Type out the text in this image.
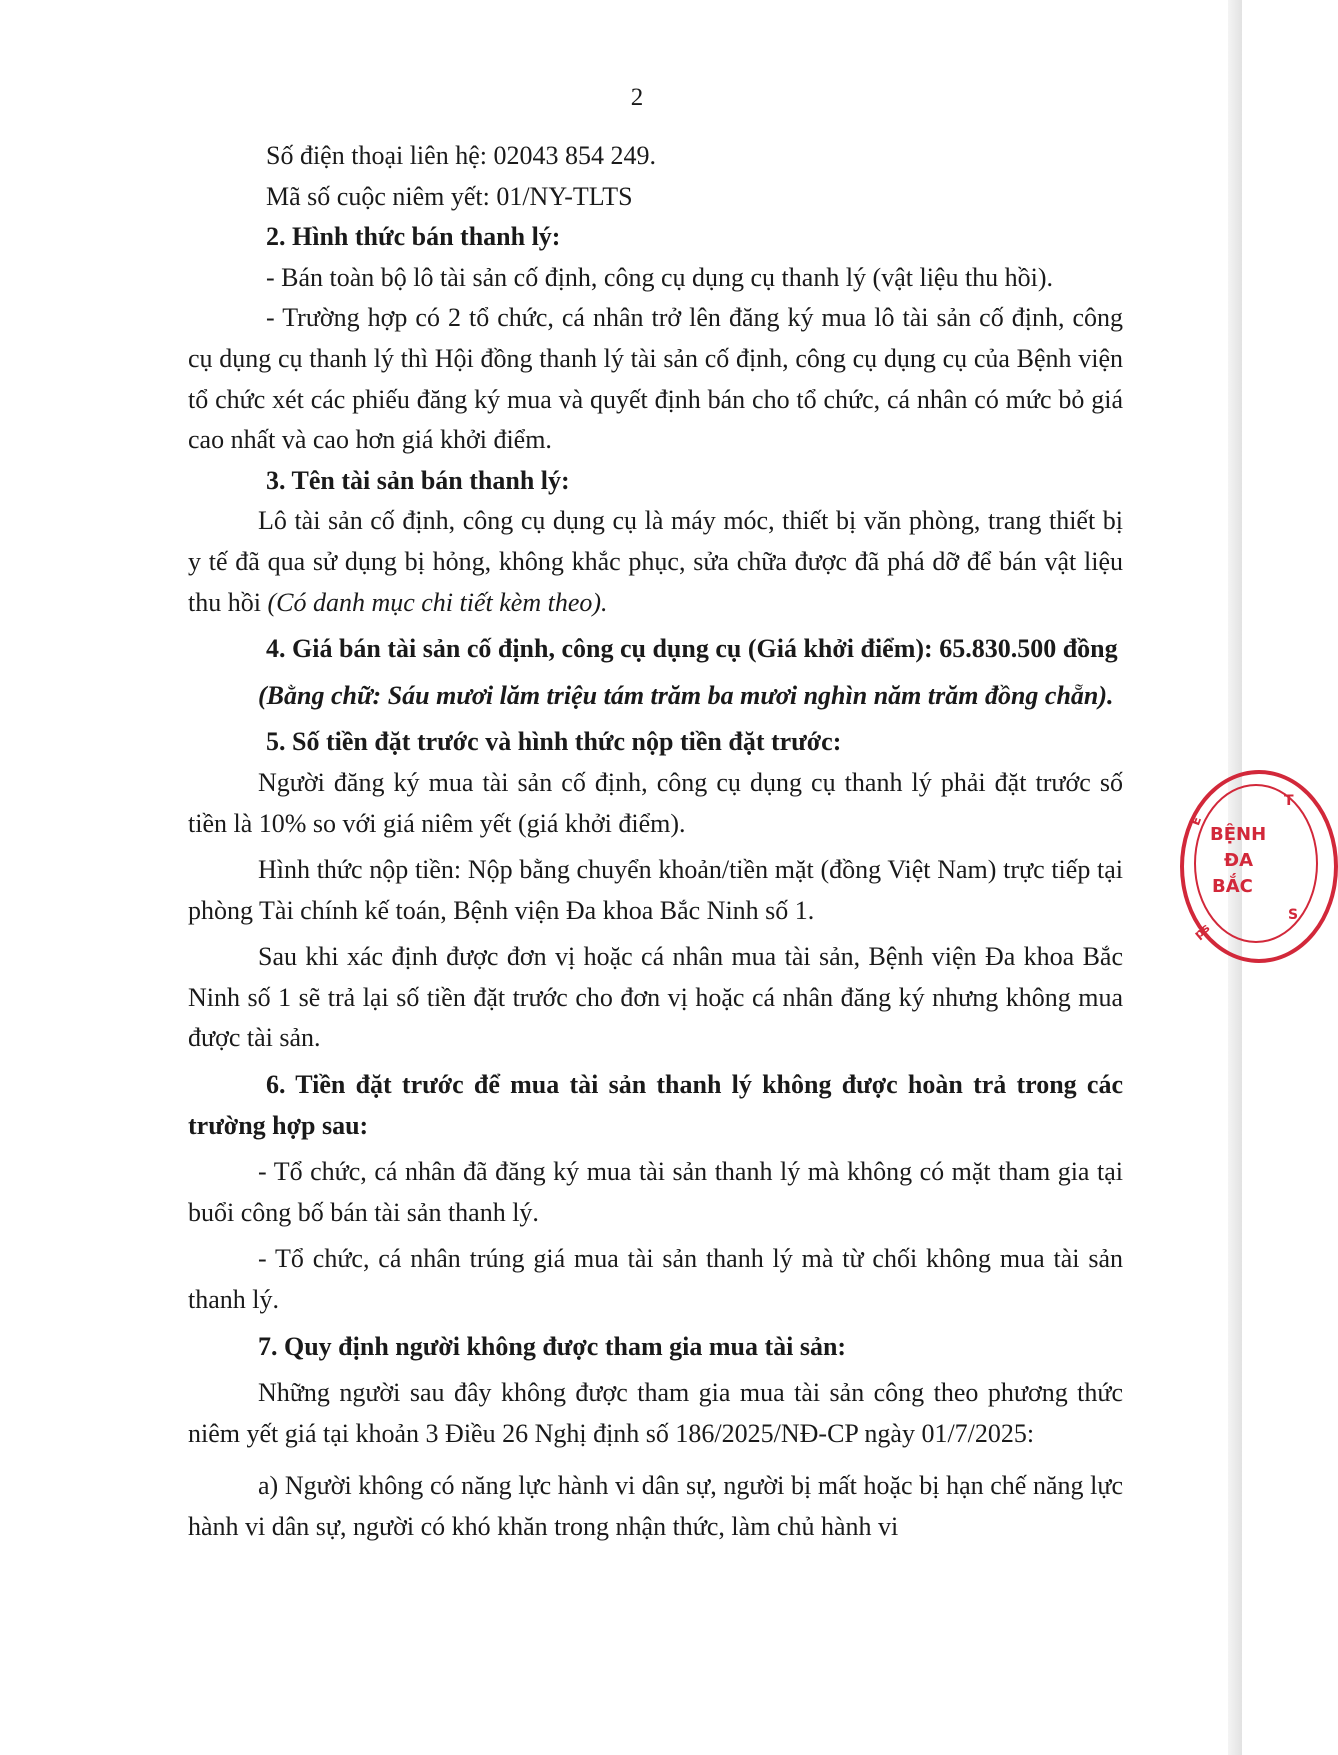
2

Số điện thoại liên hệ: 02043 854 249.

Mã số cuộc niêm yết: 01/NY-TLTS

2. Hình thức bán thanh lý:

- Bán toàn bộ lô tài sản cố định, công cụ dụng cụ thanh lý (vật liệu thu hồi).

- Trường hợp có 2 tổ chức, cá nhân trở lên đăng ký mua lô tài sản cố định, công cụ dụng cụ thanh lý thì Hội đồng thanh lý tài sản cố định, công cụ dụng cụ của Bệnh viện tổ chức xét các phiếu đăng ký mua và quyết định bán cho tổ chức, cá nhân có mức bỏ giá cao nhất và cao hơn giá khởi điểm.

3. Tên tài sản bán thanh lý:

Lô tài sản cố định, công cụ dụng cụ là máy móc, thiết bị văn phòng, trang thiết bị y tế đã qua sử dụng bị hỏng, không khắc phục, sửa chữa được đã phá dỡ để bán vật liệu thu hồi (Có danh mục chi tiết kèm theo).

4. Giá bán tài sản cố định, công cụ dụng cụ (Giá khởi điểm): 65.830.500 đồng

(Bằng chữ: Sáu mươi lăm triệu tám trăm ba mươi nghìn năm trăm đồng chẵn).

5. Số tiền đặt trước và hình thức nộp tiền đặt trước:

Người đăng ký mua tài sản cố định, công cụ dụng cụ thanh lý phải đặt trước số tiền là 10% so với giá niêm yết (giá khởi điểm).

Hình thức nộp tiền: Nộp bằng chuyển khoản/tiền mặt (đồng Việt Nam) trực tiếp tại phòng Tài chính kế toán, Bệnh viện Đa khoa Bắc Ninh số 1.

Sau khi xác định được đơn vị hoặc cá nhân mua tài sản, Bệnh viện Đa khoa Bắc Ninh số 1 sẽ trả lại số tiền đặt trước cho đơn vị hoặc cá nhân đăng ký nhưng không mua được tài sản.

6. Tiền đặt trước để mua tài sản thanh lý không được hoàn trả trong các trường hợp sau:

- Tổ chức, cá nhân đã đăng ký mua tài sản thanh lý mà không có mặt tham gia tại buổi công bố bán tài sản thanh lý.

- Tổ chức, cá nhân trúng giá mua tài sản thanh lý mà từ chối không mua tài sản thanh lý.

7. Quy định người không được tham gia mua tài sản:

Những người sau đây không được tham gia mua tài sản công theo phương thức niêm yết giá tại khoản 3 Điều 26 Nghị định số 186/2025/NĐ-CP ngày 01/7/2025:

a) Người không có năng lực hành vi dân sự, người bị mất hoặc bị hạn chế năng lực hành vi dân sự, người có khó khăn trong nhận thức, làm chủ hành vi

T
E
BỆNH
ĐA
BẮC
S
ps
